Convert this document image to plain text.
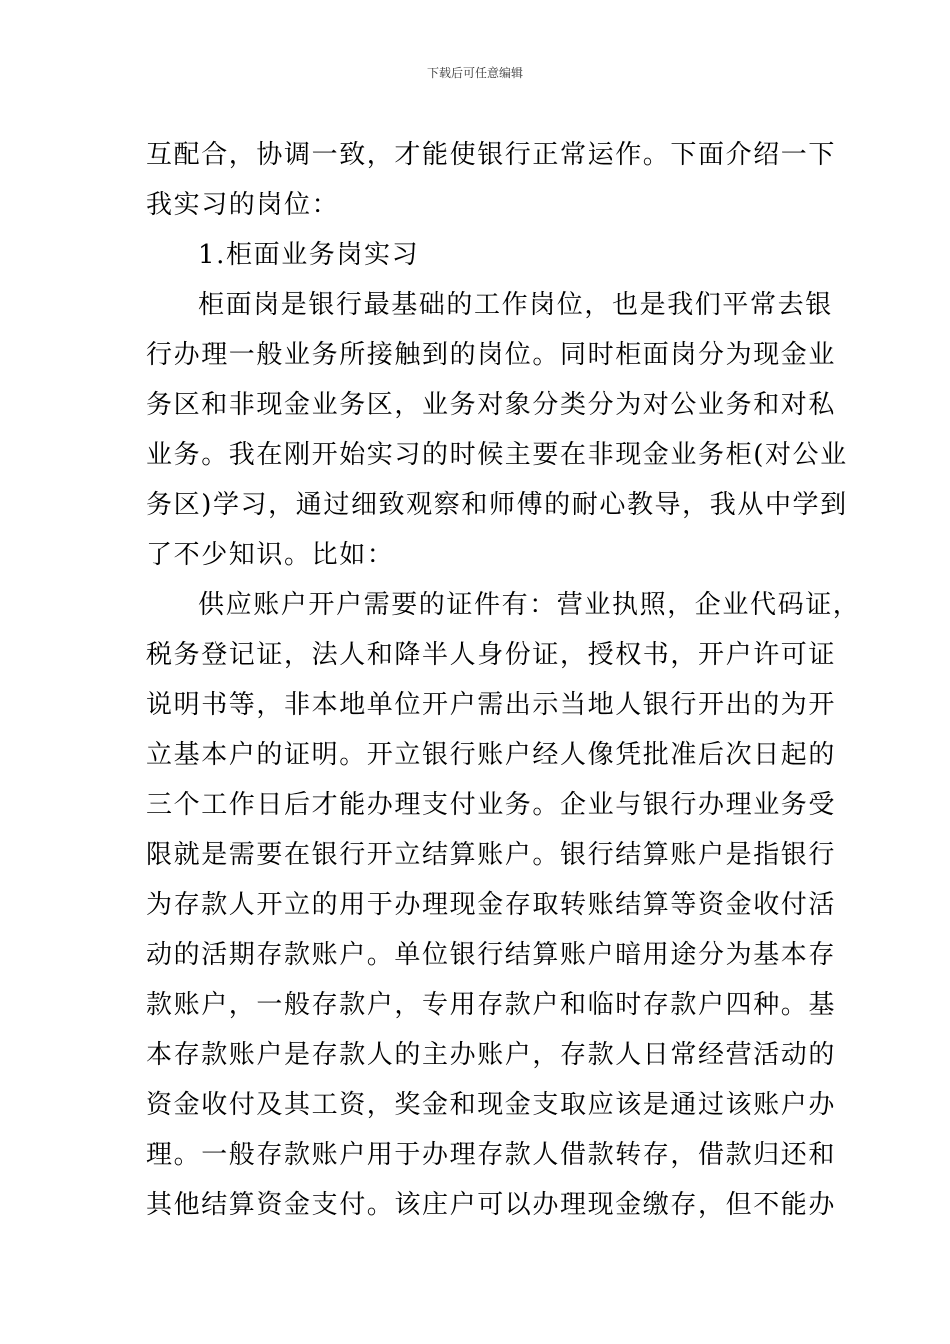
下载后可任意编辑
互配合，协调一致，才能使银行正常运作。下面介绍一下
我实习的岗位：
1.柜面业务岗实习
柜面岗是银行最基础的工作岗位，也是我们平常去银
行办理一般业务所接触到的岗位。同时柜面岗分为现金业
务区和非现金业务区，业务对象分类分为对公业务和对私
业务。我在刚开始实习的时候主要在非现金业务柜(对公业
务区)学习，通过细致观察和师傅的耐心教导，我从中学到
了不少知识。比如：
供应账户开户需要的证件有：营业执照，企业代码证，
税务登记证，法人和降半人身份证，授权书，开户许可证
说明书等，非本地单位开户需出示当地人银行开出的为开
立基本户的证明。开立银行账户经人像凭批准后次日起的
三个工作日后才能办理支付业务。企业与银行办理业务受
限就是需要在银行开立结算账户。银行结算账户是指银行
为存款人开立的用于办理现金存取转账结算等资金收付活
动的活期存款账户。单位银行结算账户暗用途分为基本存
款账户，一般存款户，专用存款户和临时存款户四种。基
本存款账户是存款人的主办账户，存款人日常经营活动的
资金收付及其工资，奖金和现金支取应该是通过该账户办
理。一般存款账户用于办理存款人借款转存，借款归还和
其他结算资金支付。该庄户可以办理现金缴存，但不能办
